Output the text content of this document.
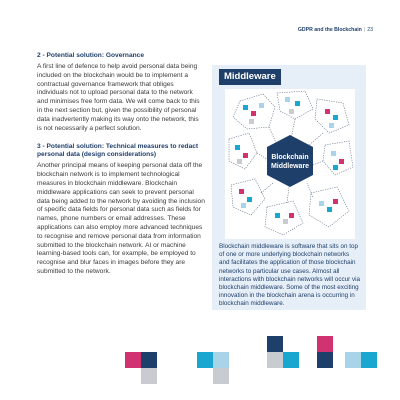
GDPR and the Blockchain | 23
2 - Potential solution: Governance
A first line of defence to help avoid personal data being included on the blockchain would be to implement a contractual governance framework that obliges individuals not to upload personal data to the network and minimises free form data. We will come back to this in the next section but, given the possibility of personal data inadvertently making its way onto the network, this is not necessarily a perfect solution.
3 - Potential solution: Technical measures to redact personal data (design considerations)
Another principal means of keeping personal data off the blockchain network is to implement technological measures in blockchain middleware. Blockchain middleware applications can seek to prevent personal data being added to the network by avoiding the inclusion of specific data fields for personal data such as fields for names, phone numbers or email addresses. These applications can also employ more advanced techniques to recognise and remove personal data from information submitted to the blockchain network. AI or machine learning-based tools can, for example, be employed to recognise and blur faces in images before they are submitted to the network.
Middleware
Blockchain
Middleware
Blockchain middleware is software that sits on top of one or more underlying blockchain networks and facilitates the application of those blockchain networks to particular use cases. Almost all interactions with blockchain networks will occur via blockchain middleware. Some of the most exciting innovation in the blockchain arena is occurring in blockchain middleware.
